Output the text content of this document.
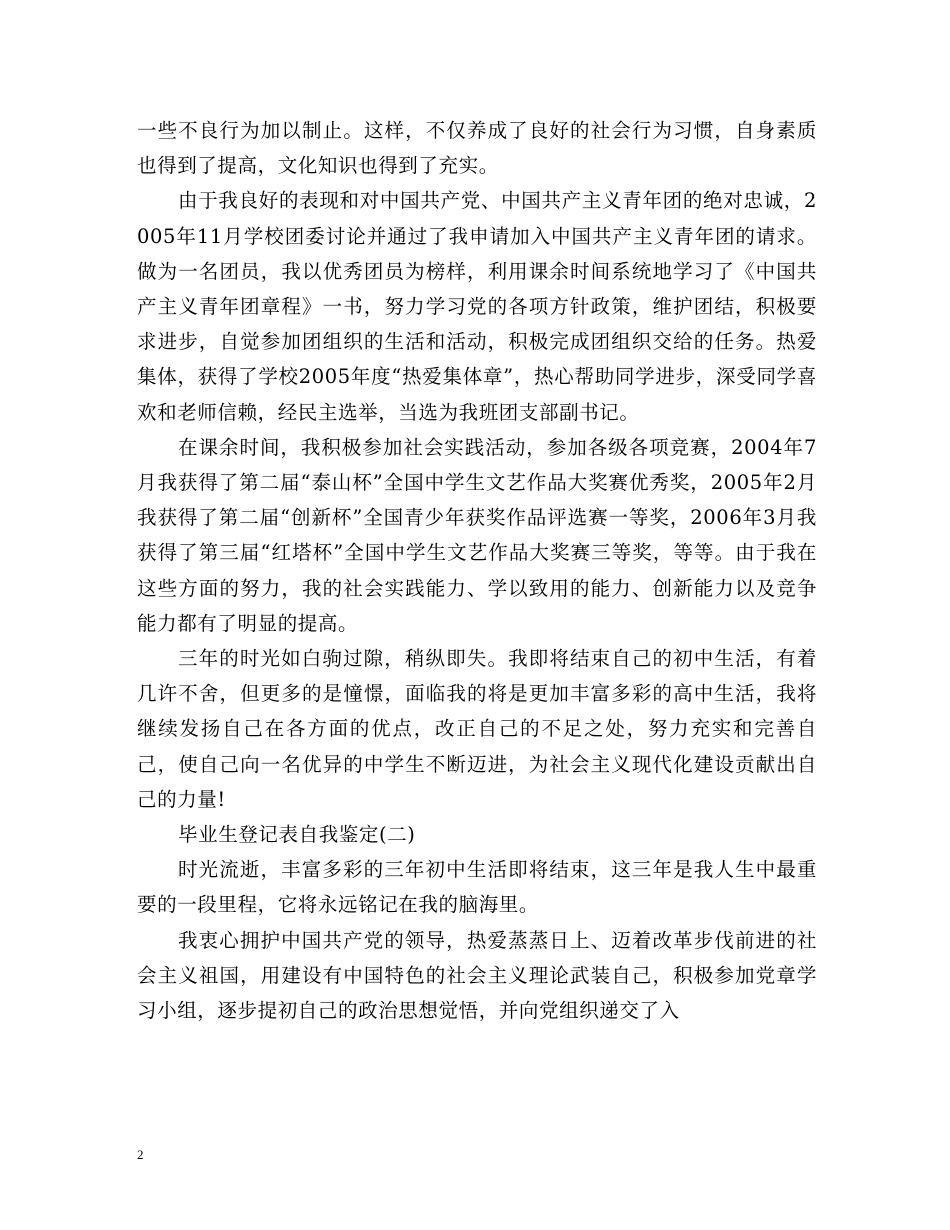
一些不良行为加以制止。这样，不仅养成了良好的社会行为习惯，自身素质也得到了提高，文化知识也得到了充实。

由于我良好的表现和对中国共产党、中国共产主义青年团的绝对忠诚，2005年11月学校团委讨论并通过了我申请加入中国共产主义青年团的请求。做为一名团员，我以优秀团员为榜样，利用课余时间系统地学习了《中国共产主义青年团章程》一书，努力学习党的各项方针政策，维护团结，积极要求进步，自觉参加团组织的生活和活动，积极完成团组织交给的任务。热爱集体，获得了学校2005年度“热爱集体章”，热心帮助同学进步，深受同学喜欢和老师信赖，经民主选举，当选为我班团支部副书记。

在课余时间，我积极参加社会实践活动，参加各级各项竞赛，2004年7月我获得了第二届“泰山杯”全国中学生文艺作品大奖赛优秀奖，2005年2月我获得了第二届“创新杯”全国青少年获奖作品评选赛一等奖，2006年3月我获得了第三届“红塔杯”全国中学生文艺作品大奖赛三等奖，等等。由于我在这些方面的努力，我的社会实践能力、学以致用的能力、创新能力以及竞争能力都有了明显的提高。

三年的时光如白驹过隙，稍纵即失。我即将结束自己的初中生活，有着几许不舍，但更多的是憧憬，面临我的将是更加丰富多彩的高中生活，我将继续发扬自己在各方面的优点，改正自己的不足之处，努力充实和完善自己，使自己向一名优异的中学生不断迈进，为社会主义现代化建设贡献出自己的力量!

毕业生登记表自我鉴定(二)

时光流逝，丰富多彩的三年初中生活即将结束，这三年是我人生中最重要的一段里程，它将永远铭记在我的脑海里。

我衷心拥护中国共产党的领导，热爱蒸蒸日上、迈着改革步伐前进的社会主义祖国，用建设有中国特色的社会主义理论武装自己，积极参加党章学习小组，逐步提初自己的政治思想觉悟，并向党组织递交了入

2
